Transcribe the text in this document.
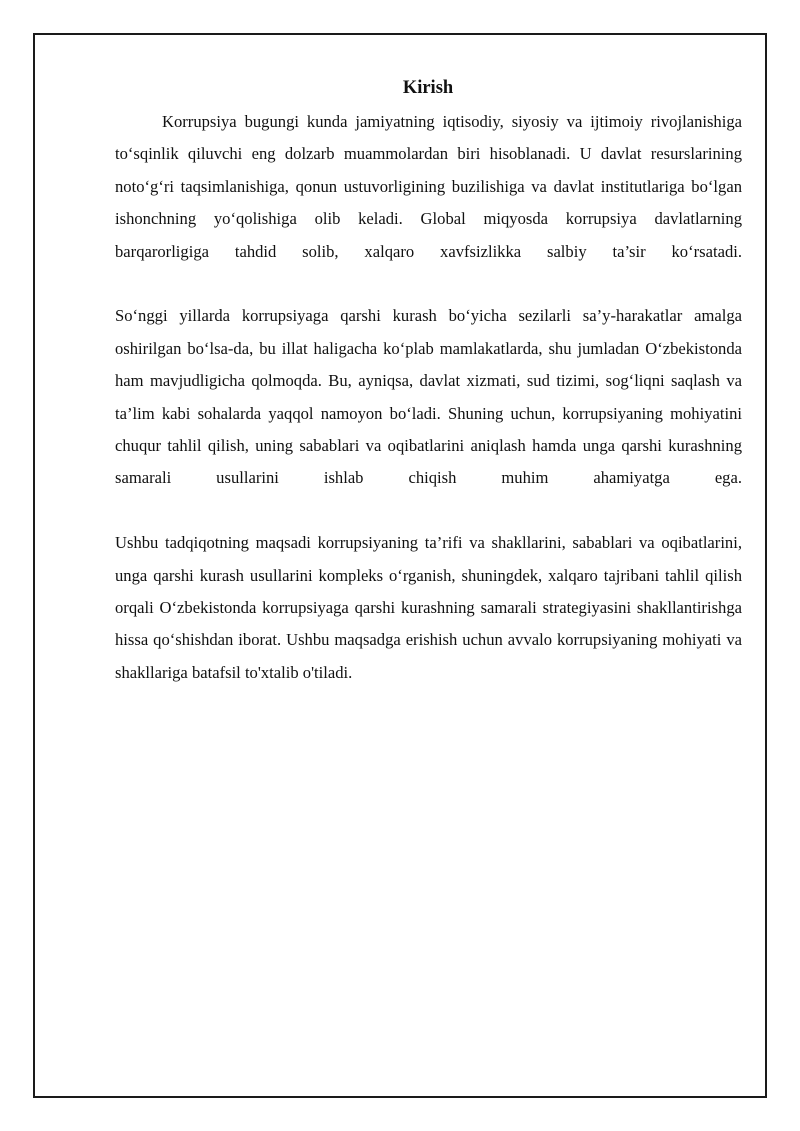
Kirish

Korrupsiya bugungi kunda jamiyatning iqtisodiy, siyosiy va ijtimoiy rivojlanishiga to‘sqinlik qiluvchi eng dolzarb muammolardan biri hisoblanadi. U davlat resurslarining noto‘g‘ri taqsimlanishiga, qonun ustuvorligining buzilishiga va davlat institutlariga bo‘lgan ishonchning yo‘qolishiga olib keladi. Global miqyosda korrupsiya davlatlarning barqarorligiga tahdid solib, xalqaro xavfsizlikka salbiy ta’sir ko‘rsatadi.

So‘nggi yillarda korrupsiyaga qarshi kurash bo‘yicha sezilarli sa’y-harakatlar amalga oshirilgan bo‘lsa-da, bu illat haligacha ko‘plab mamlakatlarda, shu jumladan O‘zbekistonda ham mavjudligicha qolmoqda. Bu, ayniqsa, davlat xizmati, sud tizimi, sog‘liqni saqlash va ta’lim kabi sohalarda yaqqol namoyon bo‘ladi. Shuning uchun, korrupsiyaning mohiyatini chuqur tahlil qilish, uning sabablari va oqibatlarini aniqlash hamda unga qarshi kurashning samarali usullarini ishlab chiqish muhim ahamiyatga ega.

Ushbu tadqiqotning maqsadi korrupsiyaning ta’rifi va shakllarini, sabablari va oqibatlarini, unga qarshi kurash usullarini kompleks o‘rganish, shuningdek, xalqaro tajribani tahlil qilish orqali O‘zbekistonda korrupsiyaga qarshi kurashning samarali strategiyasini shakllantirishga hissa qo‘shishdan iborat. Ushbu maqsadga erishish uchun avvalo korrupsiyaning mohiyati va shakllariga batafsil to'xtalib o'tiladi.
